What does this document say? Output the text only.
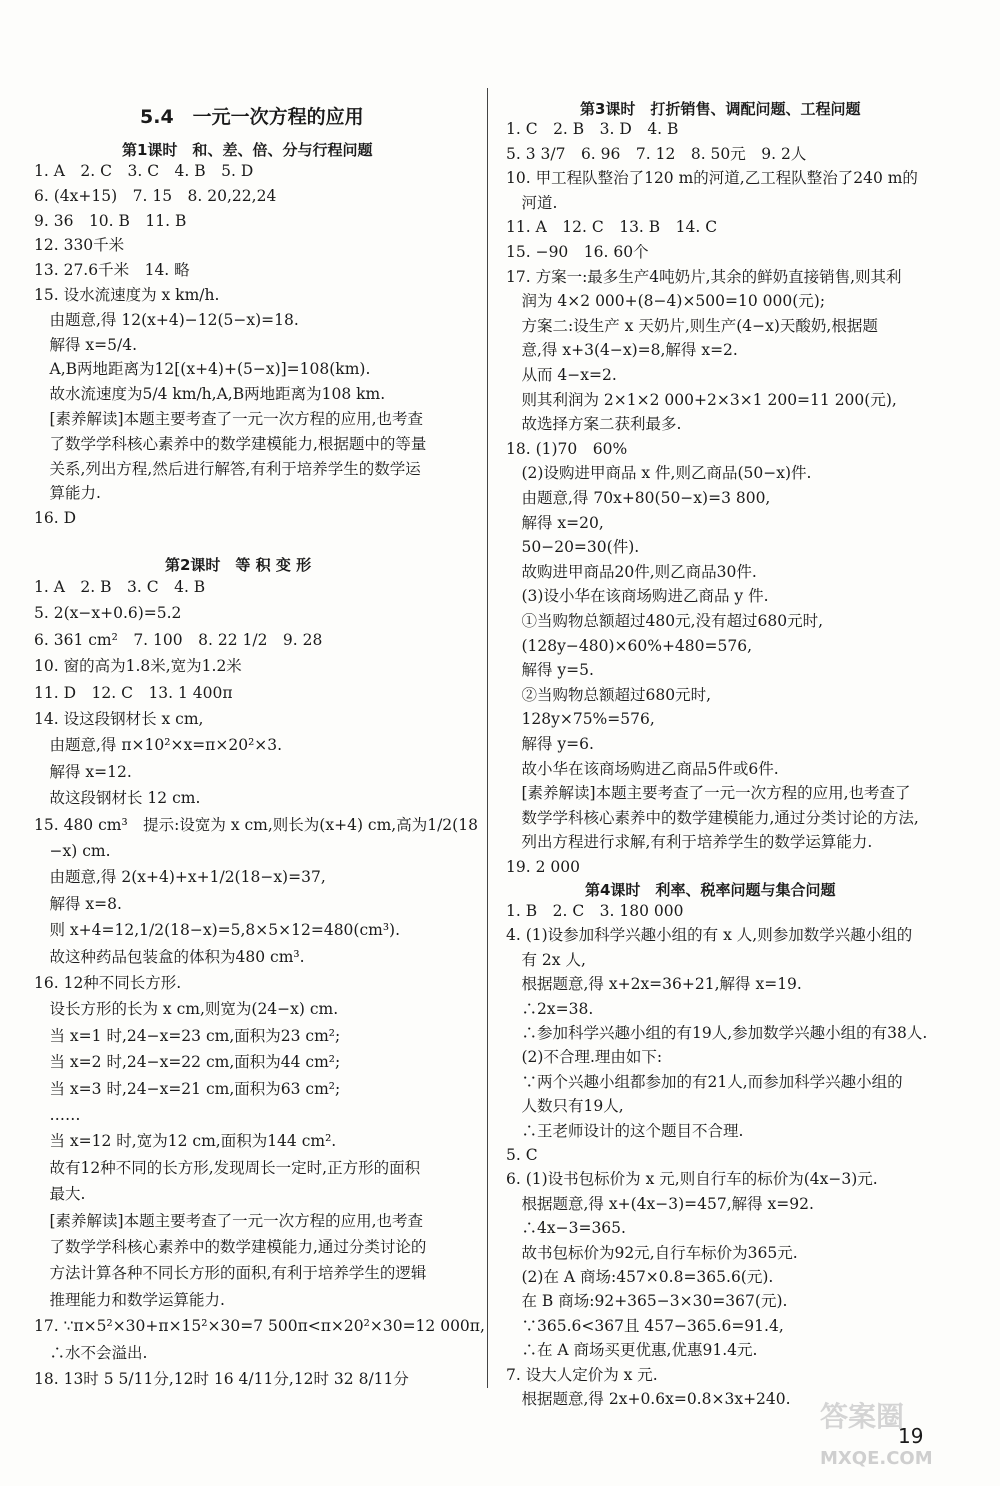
5.4　一元一次方程的应用
第1课时　和、差、倍、分与行程问题
1. A　2. C　3. C　4. B　5. D
6. (4x+15)　7. 15　8. 20,22,24
9. 36　10. B　11. B
12. 330千米
13. 27.6千米　14. 略
15. 设水流速度为 x km/h.
　由题意,得 12(x+4)−12(5−x)=18.
　解得 x=5/4.
　A,B两地距离为12[(x+4)+(5−x)]=108(km).
　故水流速度为5/4 km/h,A,B两地距离为108 km.
　[素养解读]本题主要考查了一元一次方程的应用,也考查
　了数学学科核心素养中的数学建模能力,根据题中的等量
　关系,列出方程,然后进行解答,有利于培养学生的数学运
　算能力.
16. D
第2课时　等 积 变 形
1. A　2. B　3. C　4. B
5. 2(x−x+0.6)=5.2
6. 361 cm²　7. 100　8. 22 1/2　9. 28
10. 窗的高为1.8米,宽为1.2米
11. D　12. C　13. 1 400π
14. 设这段钢材长 x cm,
　由题意,得 π×10²×x=π×20²×3.
　解得 x=12.
　故这段钢材长 12 cm.
15. 480 cm³　提示:设宽为 x cm,则长为(x+4) cm,高为1/2(18
　−x) cm.
　由题意,得 2(x+4)+x+1/2(18−x)=37,
　解得 x=8.
　则 x+4=12,1/2(18−x)=5,8×5×12=480(cm³).
　故这种药品包装盒的体积为480 cm³.
16. 12种不同长方形.
　设长方形的长为 x cm,则宽为(24−x) cm.
　当 x=1 时,24−x=23 cm,面积为23 cm²;
　当 x=2 时,24−x=22 cm,面积为44 cm²;
　当 x=3 时,24−x=21 cm,面积为63 cm²;
　……
　当 x=12 时,宽为12 cm,面积为144 cm².
　故有12种不同的长方形,发现周长一定时,正方形的面积
　最大.
　[素养解读]本题主要考查了一元一次方程的应用,也考查
　了数学学科核心素养中的数学建模能力,通过分类讨论的
　方法计算各种不同长方形的面积,有利于培养学生的逻辑
　推理能力和数学运算能力.
17. ∵π×5²×30+π×15²×30=7 500π<π×20²×30=12 000π,
　∴水不会溢出.
18. 13时 5 5/11分,12时 16 4/11分,12时 32 8/11分
第3课时　打折销售、调配问题、工程问题
1. C　2. B　3. D　4. B
5. 3 3/7　6. 96　7. 12　8. 50元　9. 2人
10. 甲工程队整治了120 m的河道,乙工程队整治了240 m的
　河道.
11. A　12. C　13. B　14. C
15. −90　16. 60个
17. 方案一:最多生产4吨奶片,其余的鲜奶直接销售,则其利
　润为 4×2 000+(8−4)×500=10 000(元);
　方案二:设生产 x 天奶片,则生产(4−x)天酸奶,根据题
　意,得 x+3(4−x)=8,解得 x=2.
　从而 4−x=2.
　则其利润为 2×1×2 000+2×3×1 200=11 200(元),
　故选择方案二获利最多.
18. (1)70　60%
　(2)设购进甲商品 x 件,则乙商品(50−x)件.
　由题意,得 70x+80(50−x)=3 800,
　解得 x=20,
　50−20=30(件).
　故购进甲商品20件,则乙商品30件.
　(3)设小华在该商场购进乙商品 y 件.
　①当购物总额超过480元,没有超过680元时,
　(128y−480)×60%+480=576,
　解得 y=5.
　②当购物总额超过680元时,
　128y×75%=576,
　解得 y=6.
　故小华在该商场购进乙商品5件或6件.
　[素养解读]本题主要考查了一元一次方程的应用,也考查了
　数学学科核心素养中的数学建模能力,通过分类讨论的方法,
　列出方程进行求解,有利于培养学生的数学运算能力.
19. 2 000
第4课时　利率、税率问题与集合问题
1. B　2. C　3. 180 000
4. (1)设参加科学兴趣小组的有 x 人,则参加数学兴趣小组的
　有 2x 人,
　根据题意,得 x+2x=36+21,解得 x=19.
　∴2x=38.
　∴参加科学兴趣小组的有19人,参加数学兴趣小组的有38人.
　(2)不合理.理由如下:
　∵两个兴趣小组都参加的有21人,而参加科学兴趣小组的
　人数只有19人,
　∴王老师设计的这个题目不合理.
5. C
6. (1)设书包标价为 x 元,则自行车的标价为(4x−3)元.
　根据题意,得 x+(4x−3)=457,解得 x=92.
　∴4x−3=365.
　故书包标价为92元,自行车标价为365元.
　(2)在 A 商场:457×0.8=365.6(元).
　在 B 商场:92+365−3×30=367(元).
　∵365.6<367且 457−365.6=91.4,
　∴在 A 商场买更优惠,优惠91.4元.
7. 设大人定价为 x 元.
　根据题意,得 2x+0.6x=0.8×3x+240.
19
答案圈
MXQE.COM
